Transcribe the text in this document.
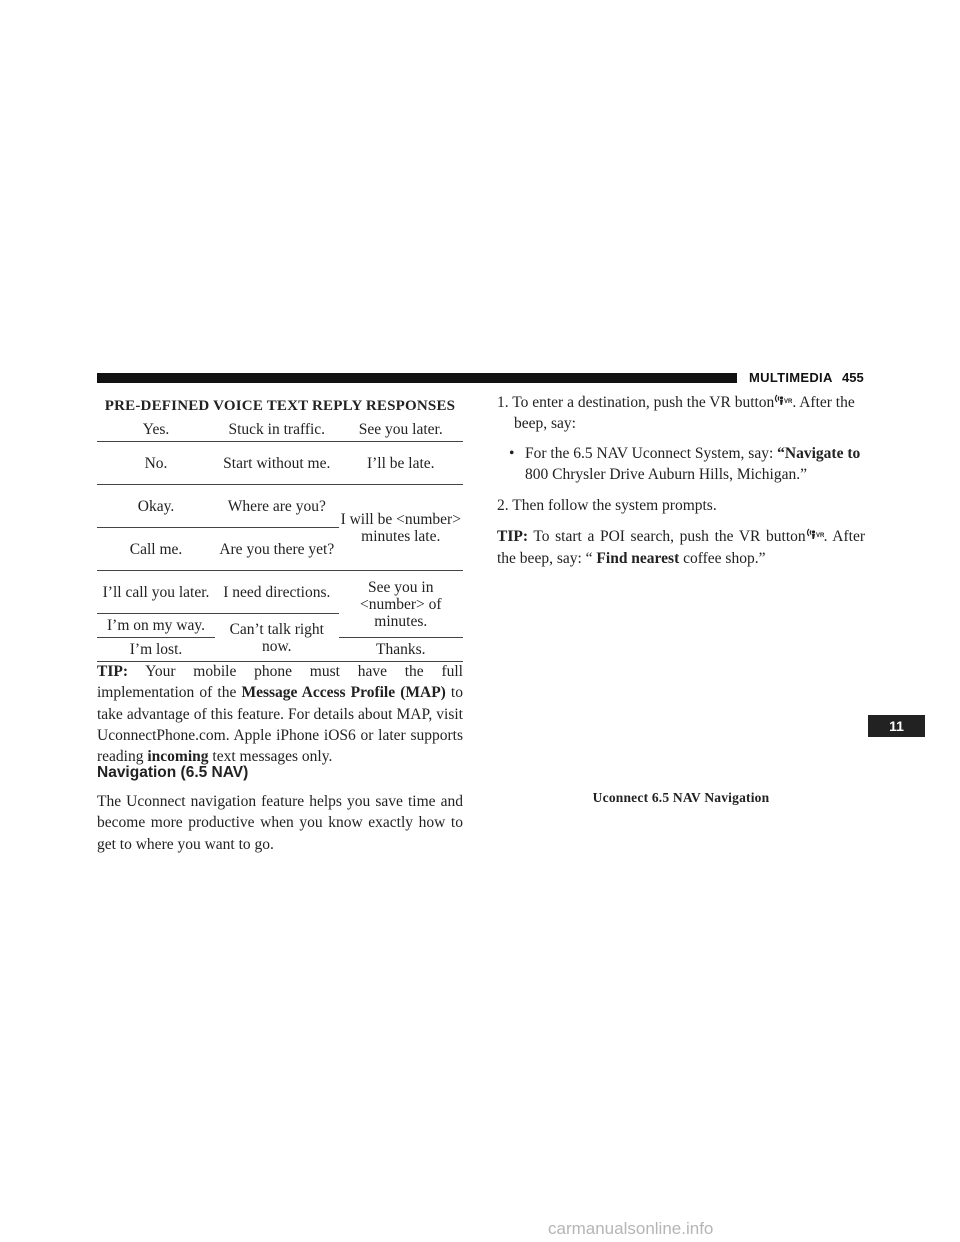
MULTIMEDIA 455
PRE-DEFINED VOICE TEXT REPLY RESPONSES
Yes.	Stuck in traffic.	See you later.
No.	Start without me.	I’ll be late.
Okay.	Where are you?	I will be <number> minutes late.
Call me.	Are you there yet?	
I’ll call you later.	I need directions.	See you in <number> of minutes.
I’m on my way.	Can’t talk right now.	
I’m lost.		Thanks.
TIP: Your mobile phone must have the full implementation of the Message Access Profile (MAP) to take advantage of this feature. For details about MAP, visit UconnectPhone.com. Apple iPhone iOS6 or later supports reading incoming text messages only.
Navigation (6.5 NAV)
The Uconnect navigation feature helps you save time and become more productive when you know exactly how to get to where you want to go.
1. To enter a destination, push the VR button VR . After the beep, say:
• For the 6.5 NAV Uconnect System, say: “Navigate to 800 Chrysler Drive Auburn Hills, Michigan.”
2. Then follow the system prompts.
TIP: To start a POI search, push the VR button VR . After the beep, say: “ Find nearest coffee shop.”
Uconnect 6.5 NAV Navigation
11
carmanualsonline.info
